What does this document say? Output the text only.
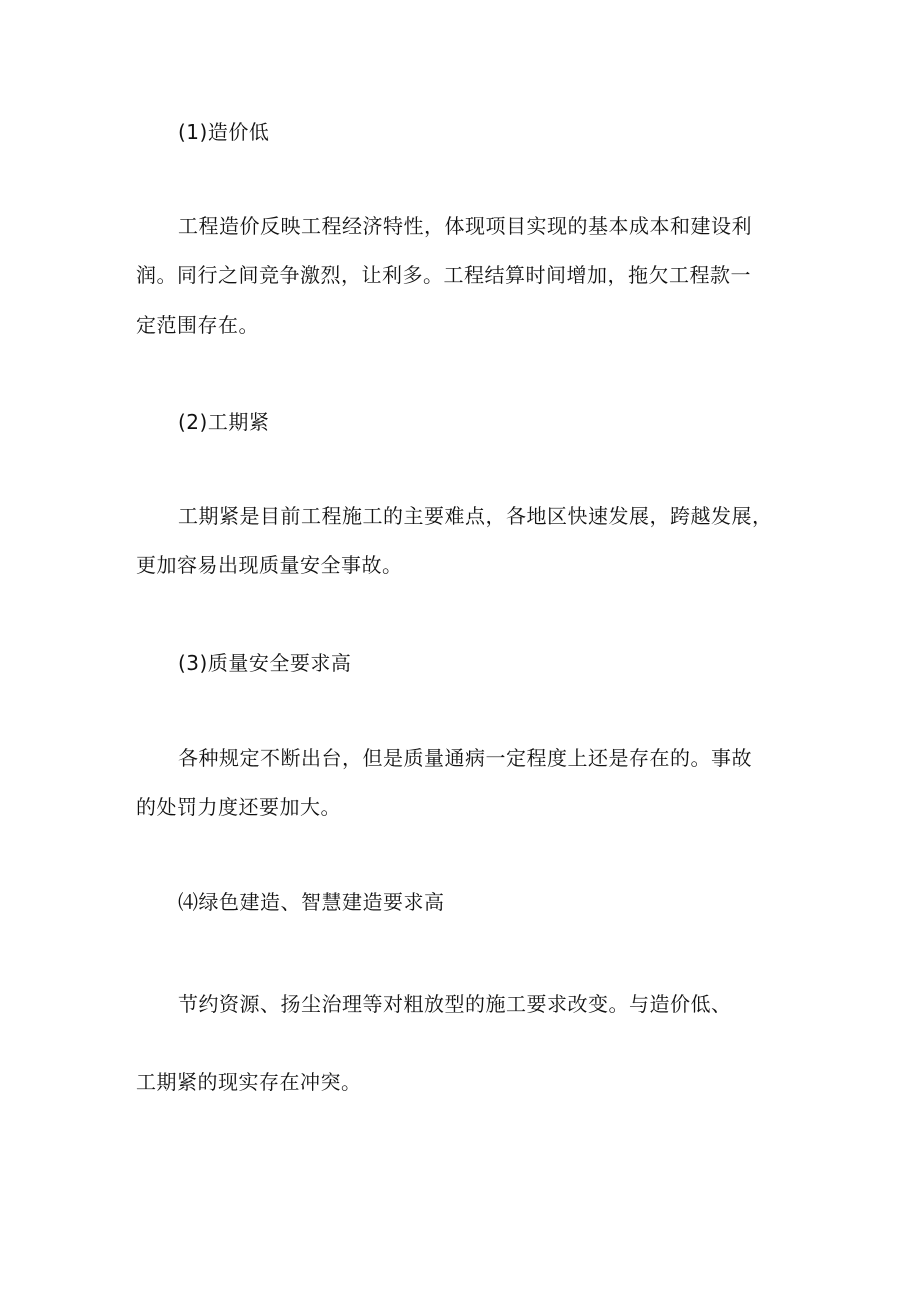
(1)造价低
工程造价反映工程经济特性，体现项目实现的基本成本和建设利
润。同行之间竞争激烈，让利多。工程结算时间增加，拖欠工程款一
定范围存在。
(2)工期紧
工期紧是目前工程施工的主要难点，各地区快速发展，跨越发展，
更加容易出现质量安全事故。
(3)质量安全要求高
各种规定不断出台，但是质量通病一定程度上还是存在的。事故
的处罚力度还要加大。
⑷绿色建造、智慧建造要求高
节约资源、扬尘治理等对粗放型的施工要求改变。与造价低、
工期紧的现实存在冲突。
